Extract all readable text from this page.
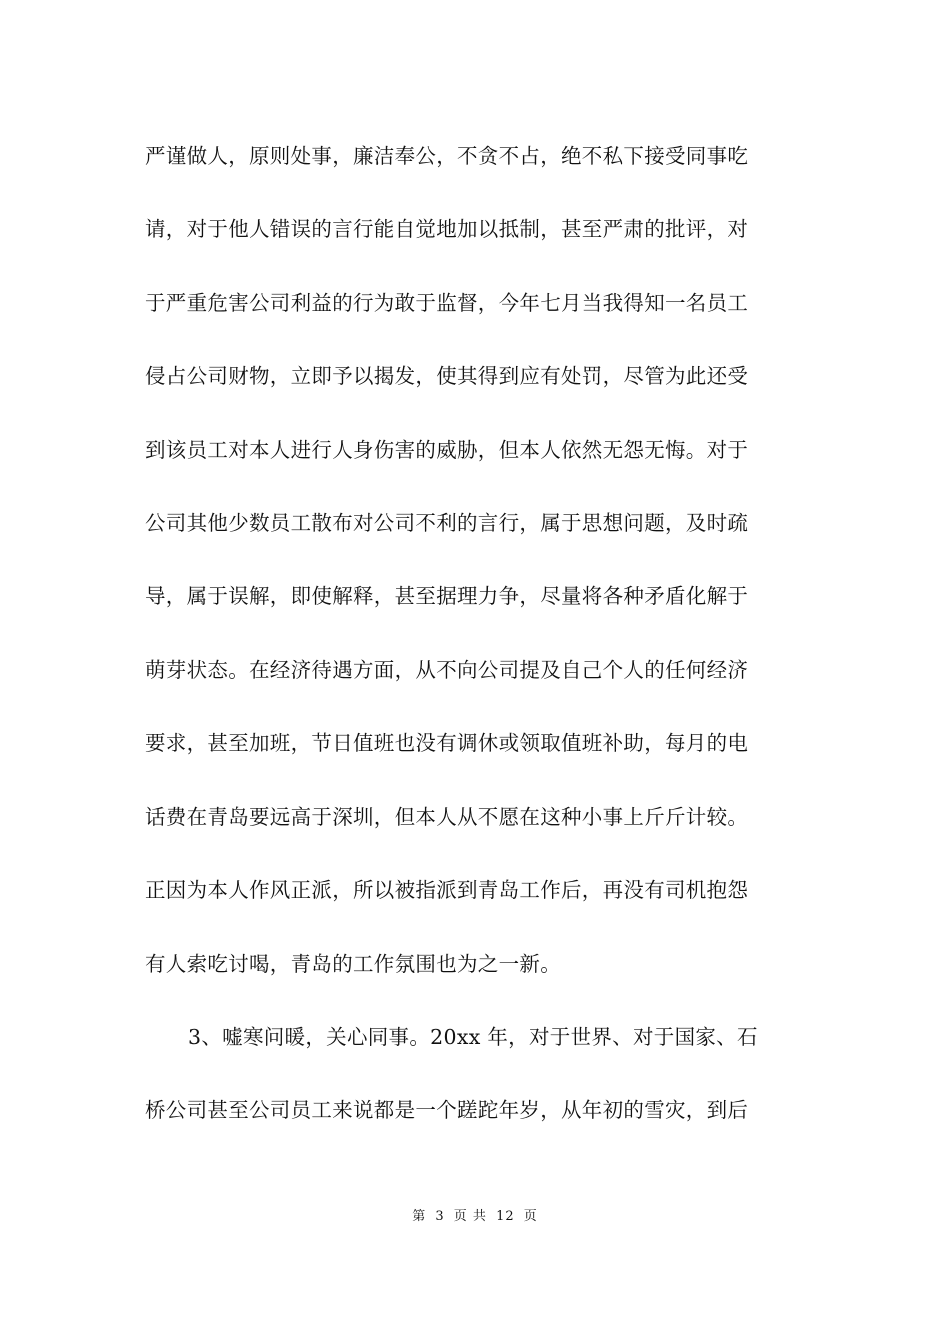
严谨做人，原则处事，廉洁奉公，不贪不占，绝不私下接受同事吃
请，对于他人错误的言行能自觉地加以抵制，甚至严肃的批评，对
于严重危害公司利益的行为敢于监督，今年七月当我得知一名员工
侵占公司财物，立即予以揭发，使其得到应有处罚，尽管为此还受
到该员工对本人进行人身伤害的威胁，但本人依然无怨无悔。对于
公司其他少数员工散布对公司不利的言行，属于思想问题，及时疏
导，属于误解，即使解释，甚至据理力争，尽量将各种矛盾化解于
萌芽状态。在经济待遇方面，从不向公司提及自己个人的任何经济
要求，甚至加班，节日值班也没有调休或领取值班补助，每月的电
话费在青岛要远高于深圳，但本人从不愿在这种小事上斤斤计较。
正因为本人作风正派，所以被指派到青岛工作后，再没有司机抱怨
有人索吃讨喝，青岛的工作氛围也为之一新。
3、嘘寒问暖，关心同事。20xx 年，对于世界、对于国家、石
桥公司甚至公司员工来说都是一个蹉跎年岁，从年初的雪灾，到后
第 3 页 共 12 页
